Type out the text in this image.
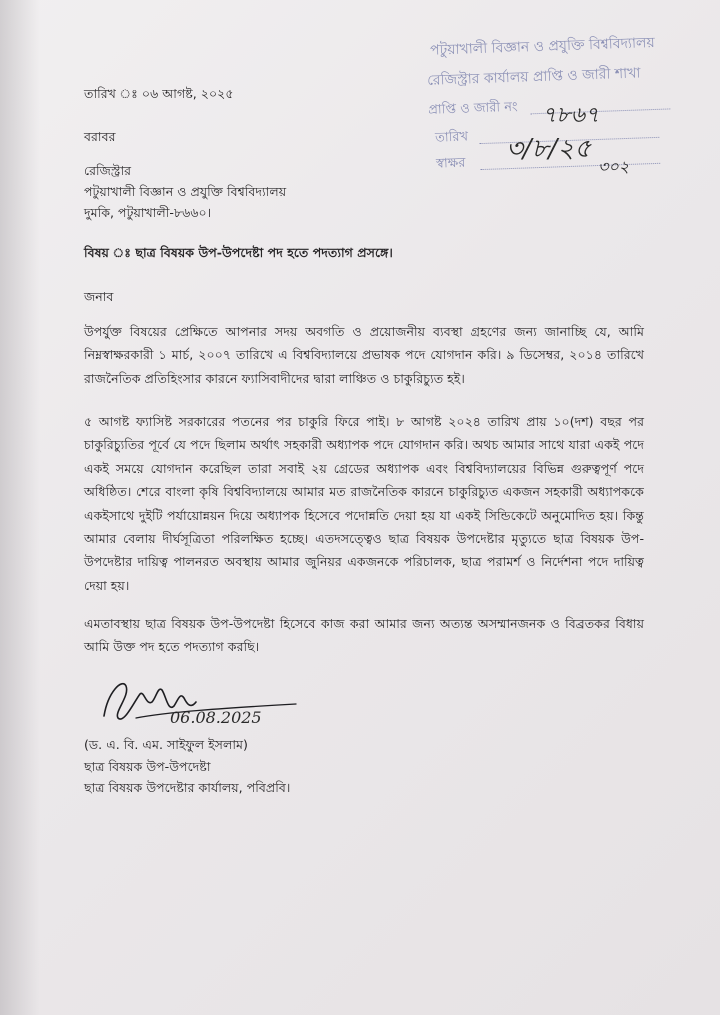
পটুয়াখালী বিজ্ঞান ও প্রযুক্তি বিশ্ববিদ্যালয়
রেজিস্ট্রার কার্যালয় প্রাপ্তি ও জারী শাখা
প্রাপ্তি ও জারী নং
তারিখ
স্বাক্ষর
৭৮৬৭
৩/৮/২৫
৩০২
তারিখ ঃ ০৬ আগষ্ট, ২০২৫
বরাবর
রেজিস্ট্রার
পটুয়াখালী বিজ্ঞান ও প্রযুক্তি বিশ্ববিদ্যালয়
দুমকি, পটুয়াখালী-৮৬৬০।
বিষয় ঃ ছাত্র বিষয়ক উপ-উপদেষ্টা পদ হতে পদত্যাগ প্রসঙ্গে।
জনাব

উপর্যুক্ত বিষয়ের প্রেক্ষিতে আপনার সদয় অবগতি ও প্রয়োজনীয় ব্যবস্থা গ্রহণের জন্য জানাচ্ছি যে, আমি নিম্নস্বাক্ষরকারী ১ মার্চ, ২০০৭ তারিখে এ বিশ্ববিদ্যালয়ে প্রভাষক পদে যোগদান করি। ৯ ডিসেম্বর, ২০১৪ তারিখে রাজনৈতিক প্রতিহিংসার কারনে ফ্যাসিবাদীদের দ্বারা লাঞ্চিত ও চাকুরিচ্যুত হই।

৫ আগষ্ট ফ্যাসিষ্ট সরকারের পতনের পর চাকুরি ফিরে পাই। ৮ আগষ্ট ২০২৪ তারিখ প্রায় ১০(দশ) বছর পর চাকুরিচ্যুতির পূর্বে যে পদে ছিলাম অর্থাৎ সহকারী অধ্যাপক পদে যোগদান করি। অথচ আমার সাথে যারা একই পদে একই সময়ে যোগদান করেছিল তারা সবাই ২য় গ্রেডের অধ্যাপক এবং বিশ্ববিদ্যালয়ের বিভিন্ন গুরুত্বপূর্ণ পদে অধিষ্ঠিত। শেরে বাংলা কৃষি বিশ্ববিদ্যালয়ে আমার মত রাজনৈতিক কারনে চাকুরিচ্যুত একজন সহকারী অধ্যাপককে একইসাথে দুইটি পর্যায়োন্নয়ন দিয়ে অধ্যাপক হিসেবে পদোন্নতি দেয়া হয় যা একই সিন্ডিকেটে অনুমোদিত হয়। কিন্তু আমার বেলায় দীর্ঘসূত্রিতা পরিলক্ষিত হচ্ছে। এতদসত্ত্বেও ছাত্র বিষয়ক উপদেষ্টার মৃত্যুতে ছাত্র বিষয়ক উপ-উপদেষ্টার দায়িত্ব পালনরত অবস্থায় আমার জুনিয়র একজনকে পরিচালক, ছাত্র পরামর্শ ও নির্দেশনা পদে দায়িত্ব দেয়া হয়।

এমতাবস্থায় ছাত্র বিষয়ক উপ-উপদেষ্টা হিসেবে কাজ করা আমার জন্য অত্যন্ত অসম্মানজনক ও বিব্রতকর বিধায় আমি উক্ত পদ হতে পদত্যাগ করছি।

06.08.2025
(ড. এ. বি. এম. সাইফুল ইসলাম)
ছাত্র বিষয়ক উপ-উপদেষ্টা
ছাত্র বিষয়ক উপদেষ্টার কার্যালয়, পবিপ্রবি।
